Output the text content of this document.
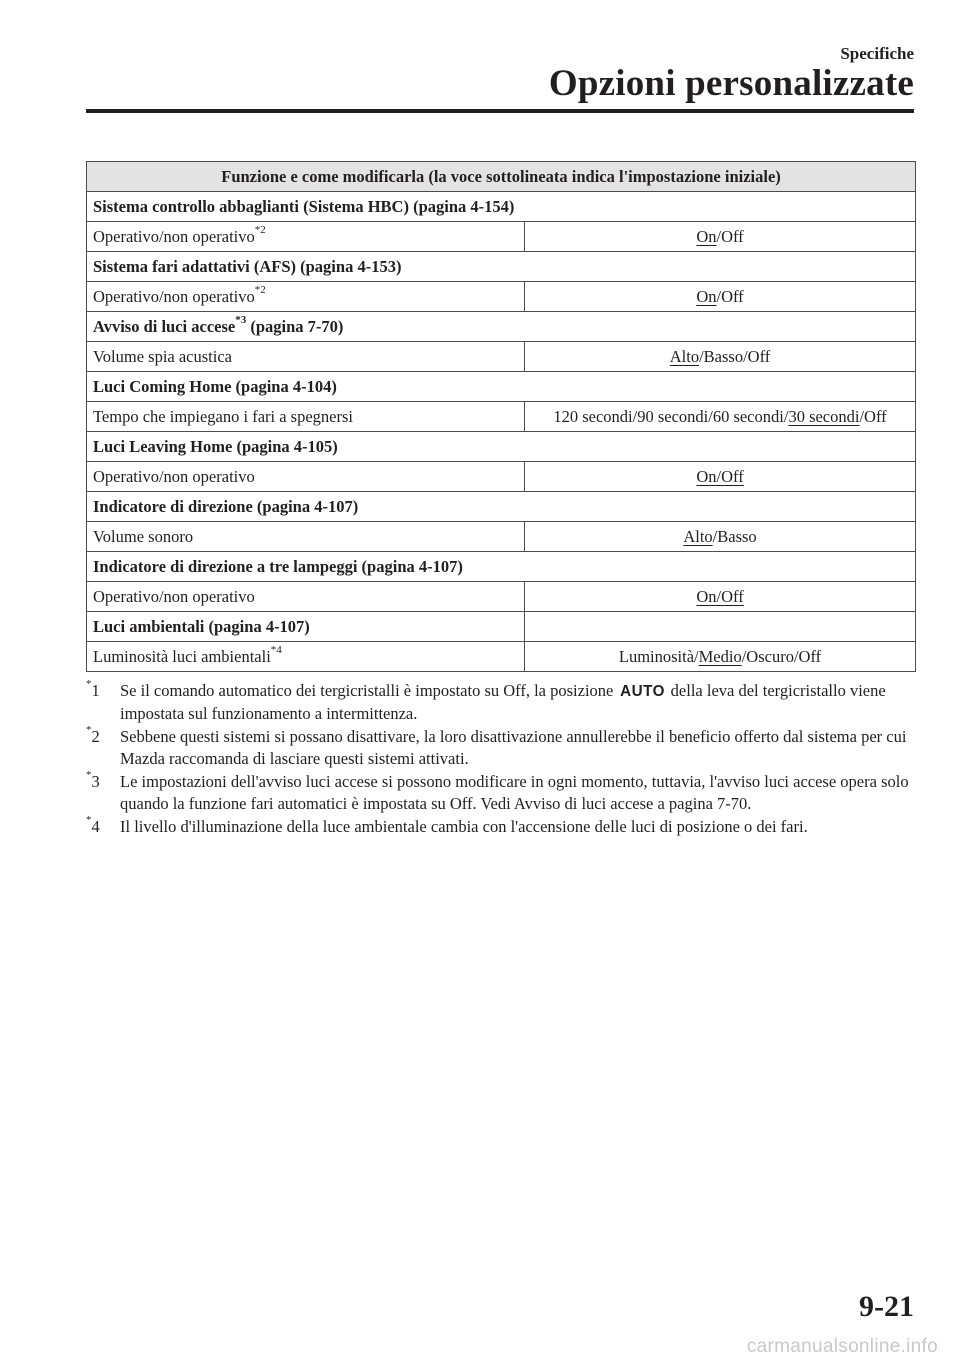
Specifiche
Opzioni personalizzate
Funzione e come modificarla (la voce sottolineata indica l'impostazione iniziale)	
Sistema controllo abbaglianti (Sistema HBC) (pagina 4-154)	
Operativo/non operativo$^{*2}$	On/Off
Sistema fari adattativi (AFS) (pagina 4-153)	
Operativo/non operativo$^{*2}$	On/Off
Avviso di luci accese$^{*3}$ (pagina 7-70)	
Volume spia acustica	Alto/Basso/Off
Luci Coming Home (pagina 4-104)	
Tempo che impiegano i fari a spegnersi	120 secondi/90 secondi/60 secondi/30 secondi/Off
Luci Leaving Home (pagina 4-105)	
Operativo/non operativo	On/Off
Indicatore di direzione (pagina 4-107)	
Volume sonoro	Alto/Basso
Indicatore di direzione a tre lampeggi (pagina 4-107)	
Operativo/non operativo	On/Off
Luci ambientali (pagina 4-107)	
Luminosità luci ambientali$^{*4}$	Luminosità/Medio/Oscuro/Off
*1	Se il comando automatico dei tergicristalli è impostato su Off, la posizione AUTO della leva del tergicristallo viene impostata sul funzionamento a intermittenza.
*2	Sebbene questi sistemi si possano disattivare, la loro disattivazione annullerebbe il beneficio offerto dal sistema per cui Mazda raccomanda di lasciare questi sistemi attivati.
*3	Le impostazioni dell'avviso luci accese si possono modificare in ogni momento, tuttavia, l'avviso luci accese opera solo quando la funzione fari automatici è impostata su Off. Vedi Avviso di luci accese a pagina 7-70.
*4	Il livello d'illuminazione della luce ambientale cambia con l'accensione delle luci di posizione o dei fari.
9-21
carmanualsonline.info
